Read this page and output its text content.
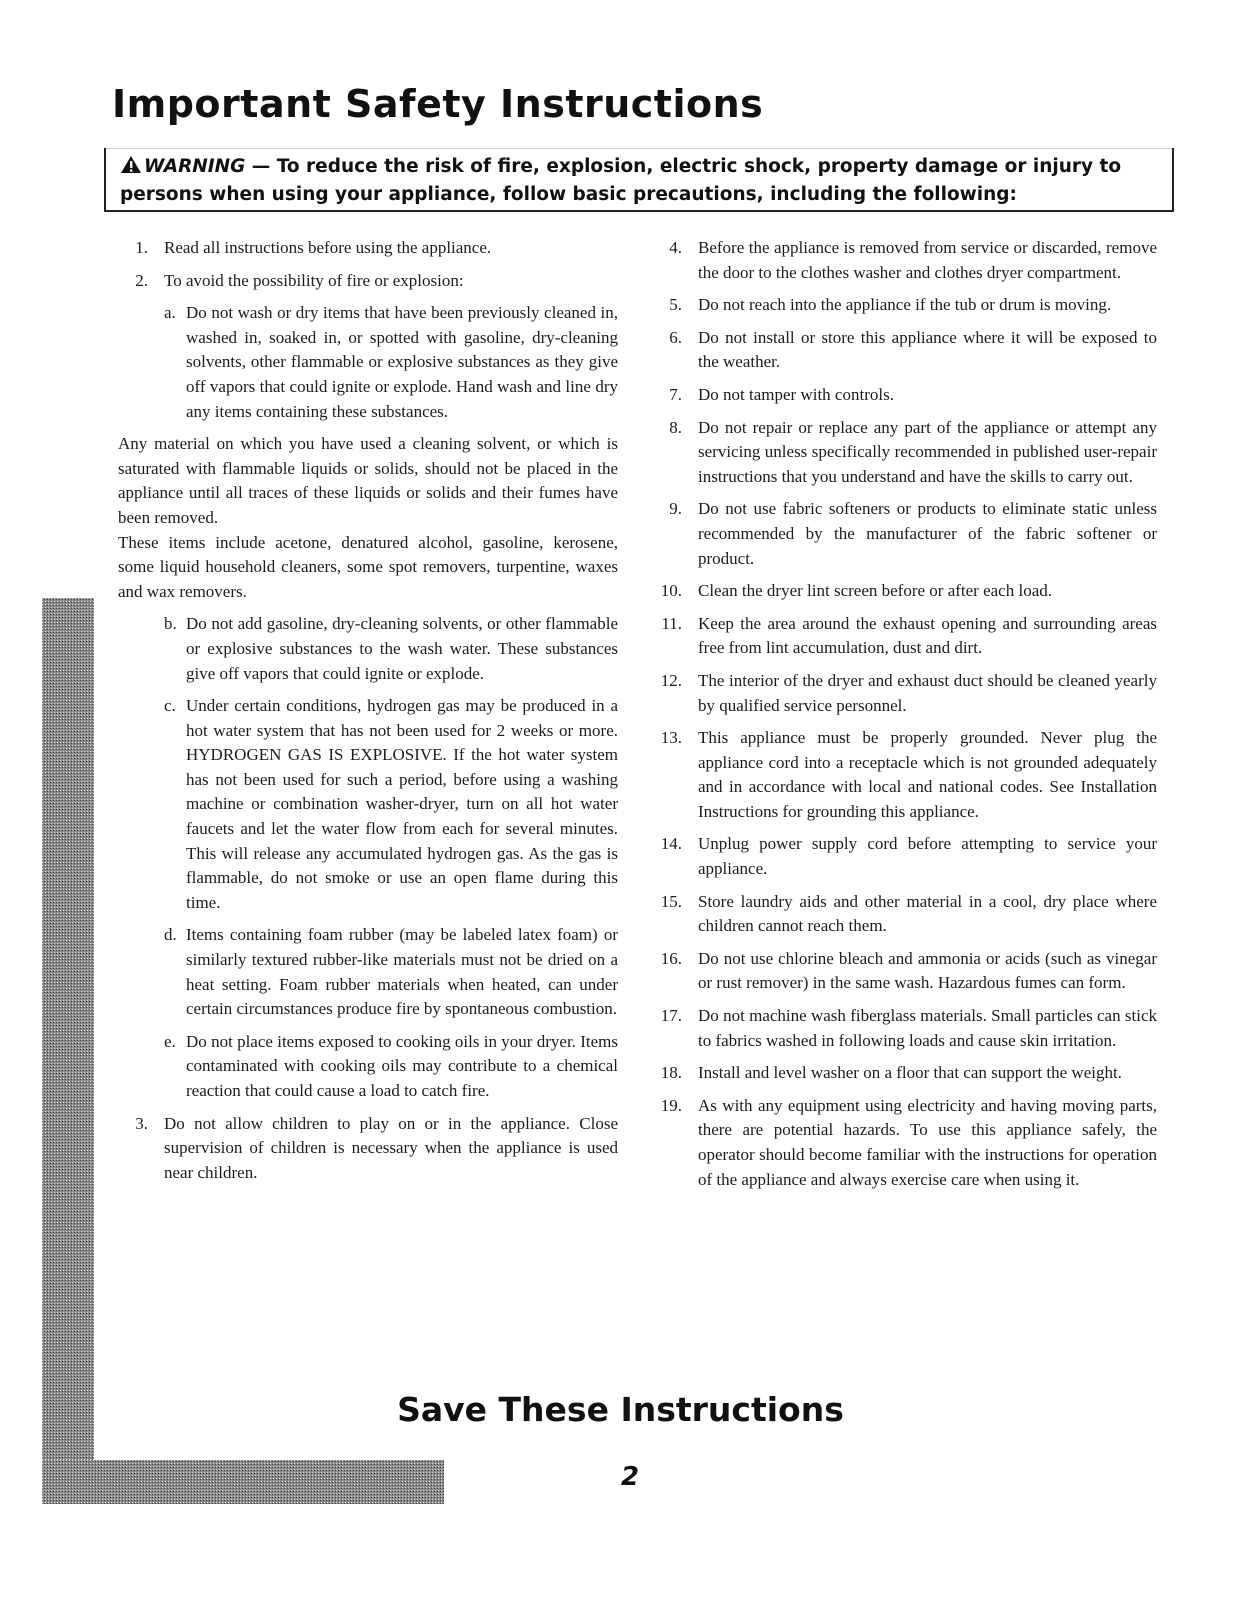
Important Safety Instructions

WARNING — To reduce the risk of fire, explosion, electric shock, property damage or injury to persons when using your appliance, follow basic precautions, including the following:

1. Read all instructions before using the appliance.

2. To avoid the possibility of fire or explosion:

a. Do not wash or dry items that have been previously cleaned in, washed in, soaked in, or spotted with gasoline, dry-cleaning solvents, other flammable or explosive substances as they give off vapors that could ignite or explode. Hand wash and line dry any items containing these substances.

Any material on which you have used a cleaning solvent, or which is saturated with flammable liquids or solids, should not be placed in the appliance until all traces of these liquids or solids and their fumes have been removed.

These items include acetone, denatured alcohol, gasoline, kerosene, some liquid household cleaners, some spot removers, turpentine, waxes and wax removers.

b. Do not add gasoline, dry-cleaning solvents, or other flammable or explosive substances to the wash water. These substances give off vapors that could ignite or explode.

c. Under certain conditions, hydrogen gas may be produced in a hot water system that has not been used for 2 weeks or more. HYDROGEN GAS IS EXPLOSIVE. If the hot water system has not been used for such a period, before using a washing machine or combination washer-dryer, turn on all hot water faucets and let the water flow from each for several minutes. This will release any accumulated hydrogen gas. As the gas is flammable, do not smoke or use an open flame during this time.

d. Items containing foam rubber (may be labeled latex foam) or similarly textured rubber-like materials must not be dried on a heat setting. Foam rubber materials when heated, can under certain circumstances produce fire by spontaneous combustion.

e. Do not place items exposed to cooking oils in your dryer. Items contaminated with cooking oils may contribute to a chemical reaction that could cause a load to catch fire.

3. Do not allow children to play on or in the appliance. Close supervision of children is necessary when the appliance is used near children.

4. Before the appliance is removed from service or discarded, remove the door to the clothes washer and clothes dryer compartment.

5. Do not reach into the appliance if the tub or drum is moving.

6. Do not install or store this appliance where it will be exposed to the weather.

7. Do not tamper with controls.

8. Do not repair or replace any part of the appliance or attempt any servicing unless specifically recommended in published user-repair instructions that you understand and have the skills to carry out.

9. Do not use fabric softeners or products to eliminate static unless recommended by the manufacturer of the fabric softener or product.

10. Clean the dryer lint screen before or after each load.

11. Keep the area around the exhaust opening and surrounding areas free from lint accumulation, dust and dirt.

12. The interior of the dryer and exhaust duct should be cleaned yearly by qualified service personnel.

13. This appliance must be properly grounded. Never plug the appliance cord into a receptacle which is not grounded adequately and in accordance with local and national codes. See Installation Instructions for grounding this appliance.

14. Unplug power supply cord before attempting to service your appliance.

15. Store laundry aids and other material in a cool, dry place where children cannot reach them.

16. Do not use chlorine bleach and ammonia or acids (such as vinegar or rust remover) in the same wash. Hazardous fumes can form.

17. Do not machine wash fiberglass materials. Small particles can stick to fabrics washed in following loads and cause skin irritation.

18. Install and level washer on a floor that can support the weight.

19. As with any equipment using electricity and having moving parts, there are potential hazards. To use this appliance safely, the operator should become familiar with the instructions for operation of the appliance and always exercise care when using it.

Save These Instructions

2
